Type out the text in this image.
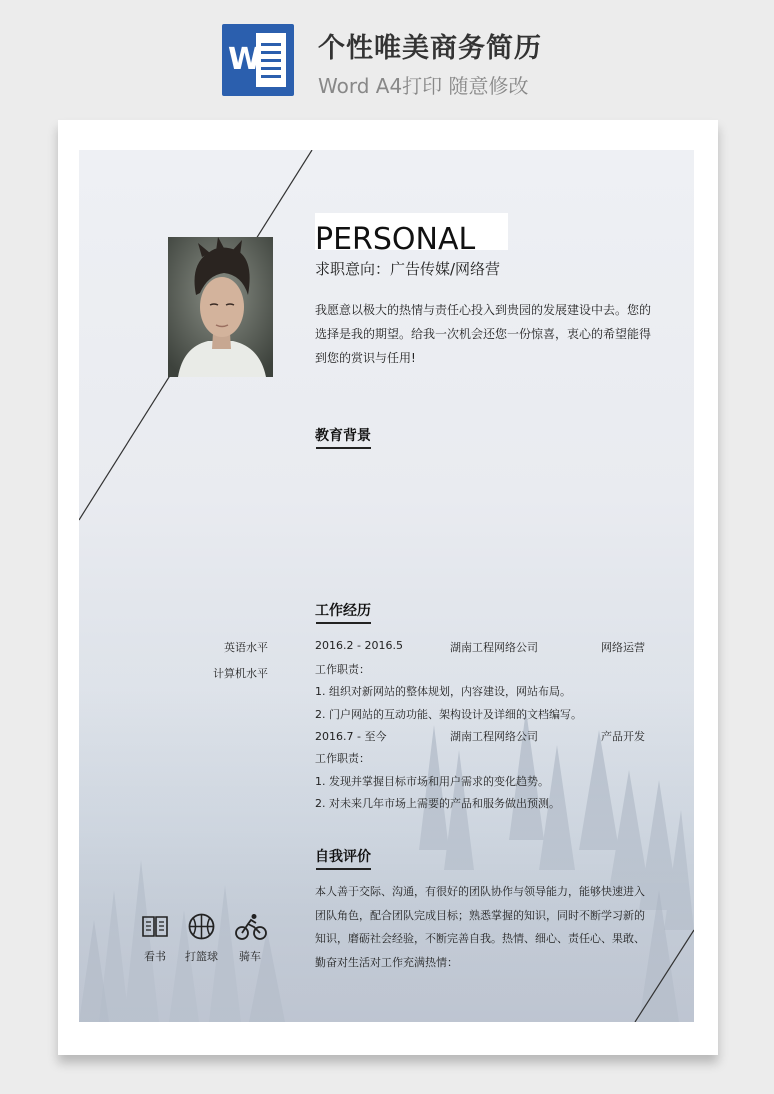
W 个性唯美商务简历
Word A4打印 随意修改
PERSONAL
求职意向：广告传媒/网络营
我愿意以极大的热情与责任心投入到贵园的发展建设中去。您的选择是我的期望。给我一次机会还您一份惊喜，衷心的希望能得到您的赏识与任用!
教育背景
工作经历
英语水平
计算机水平
2016.2 - 2016.5	湖南工程网络公司	网络运营
工作职责：
1. 组织对新网站的整体规划，内容建设，网站布局。
2. 门户网站的互动功能、架构设计及详细的文档编写。
2016.7 - 至今	湖南工程网络公司	产品开发
工作职责：
1. 发现并掌握目标市场和用户需求的变化趋势。
2. 对未来几年市场上需要的产品和服务做出预测。
自我评价
本人善于交际、沟通，有很好的团队协作与领导能力，能够快速进入团队角色，配合团队完成目标；熟悉掌握的知识，同时不断学习新的知识，磨砺社会经验，不断完善自我。热情、细心、责任心、果敢、勤奋对生活对工作充满热情：
看书 打篮球 骑车
